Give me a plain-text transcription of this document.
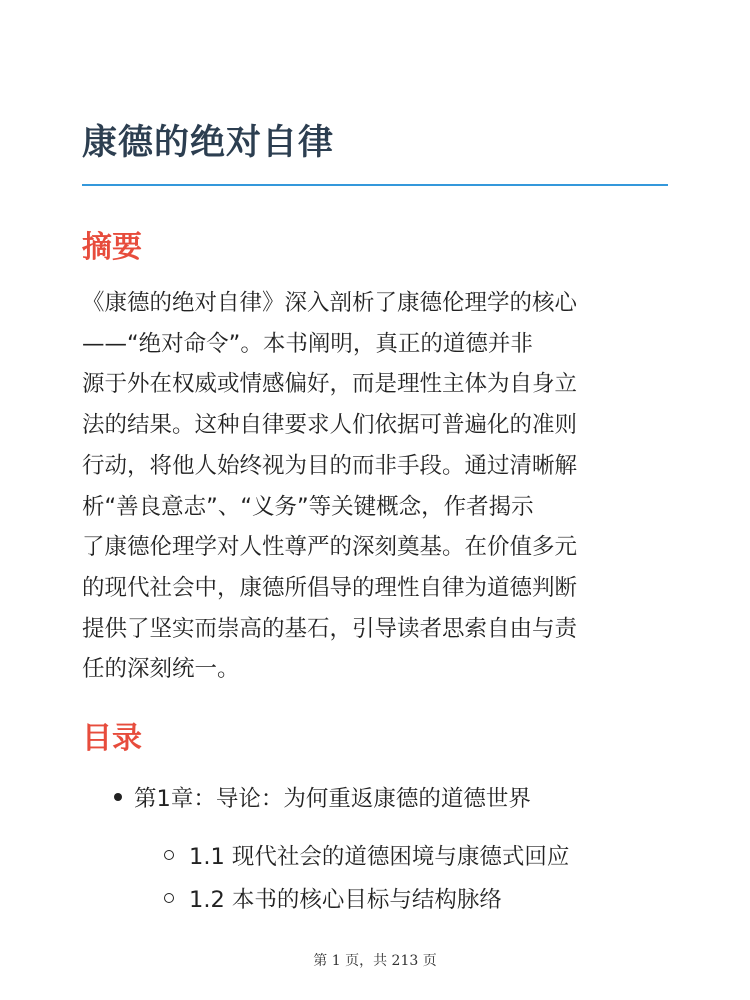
康德的绝对自律
摘要

《康德的绝对自律》深入剖析了康德伦理学的核心
——“绝对命令”。本书阐明，真正的道德并非
源于外在权威或情感偏好，而是理性主体为自身立
法的结果。这种自律要求人们依据可普遍化的准则
行动，将他人始终视为目的而非手段。通过清晰解
析“善良意志”、“义务”等关键概念，作者揭示
了康德伦理学对人性尊严的深刻奠基。在价值多元
的现代社会中，康德所倡导的理性自律为道德判断
提供了坚实而崇高的基石，引导读者思索自由与责
任的深刻统一。

目录
第1章：导论：为何重返康德的道德世界
1.1 现代社会的道德困境与康德式回应
1.2 本书的核心目标与结构脉络
第 1 页，共 213 页
